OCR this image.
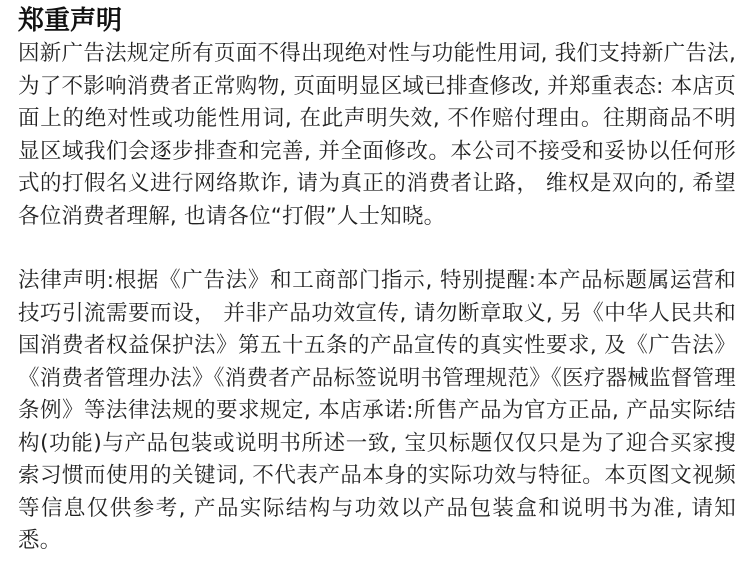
郑重声明

因新广告法规定所有页面不得出现绝对性与功能性用词, 我们支持新广告法, 为了不影响消费者正常购物, 页面明显区域已排查修改, 并郑重表态: 本店页面上的绝对性或功能性用词, 在此声明失效, 不作赔付理由。往期商品不明显区域我们会逐步排查和完善, 并全面修改。本公司不接受和妥协以任何形式的打假名义进行网络欺诈, 请为真正的消费者让路， 维权是双向的, 希望各位消费者理解, 也请各位“打假”人士知晓。

法律声明:根据《广告法》和工商部门指示, 特别提醒:本产品标题属运营和技巧引流需要而设， 并非产品功效宣传, 请勿断章取义, 另《中华人民共和国消费者权益保护法》第五十五条的产品宣传的真实性要求, 及《广告法》《消费者管理办法》《消费者产品标签说明书管理规范》《医疗器械监督管理条例》等法律法规的要求规定, 本店承诺:所售产品为官方正品, 产品实际结构(功能)与产品包装或说明书所述一致, 宝贝标题仅仅只是为了迎合买家搜索习惯而使用的关键词, 不代表产品本身的实际功效与特征。本页图文视频等信息仅供参考, 产品实际结构与功效以产品包装盒和说明书为准, 请知悉。
